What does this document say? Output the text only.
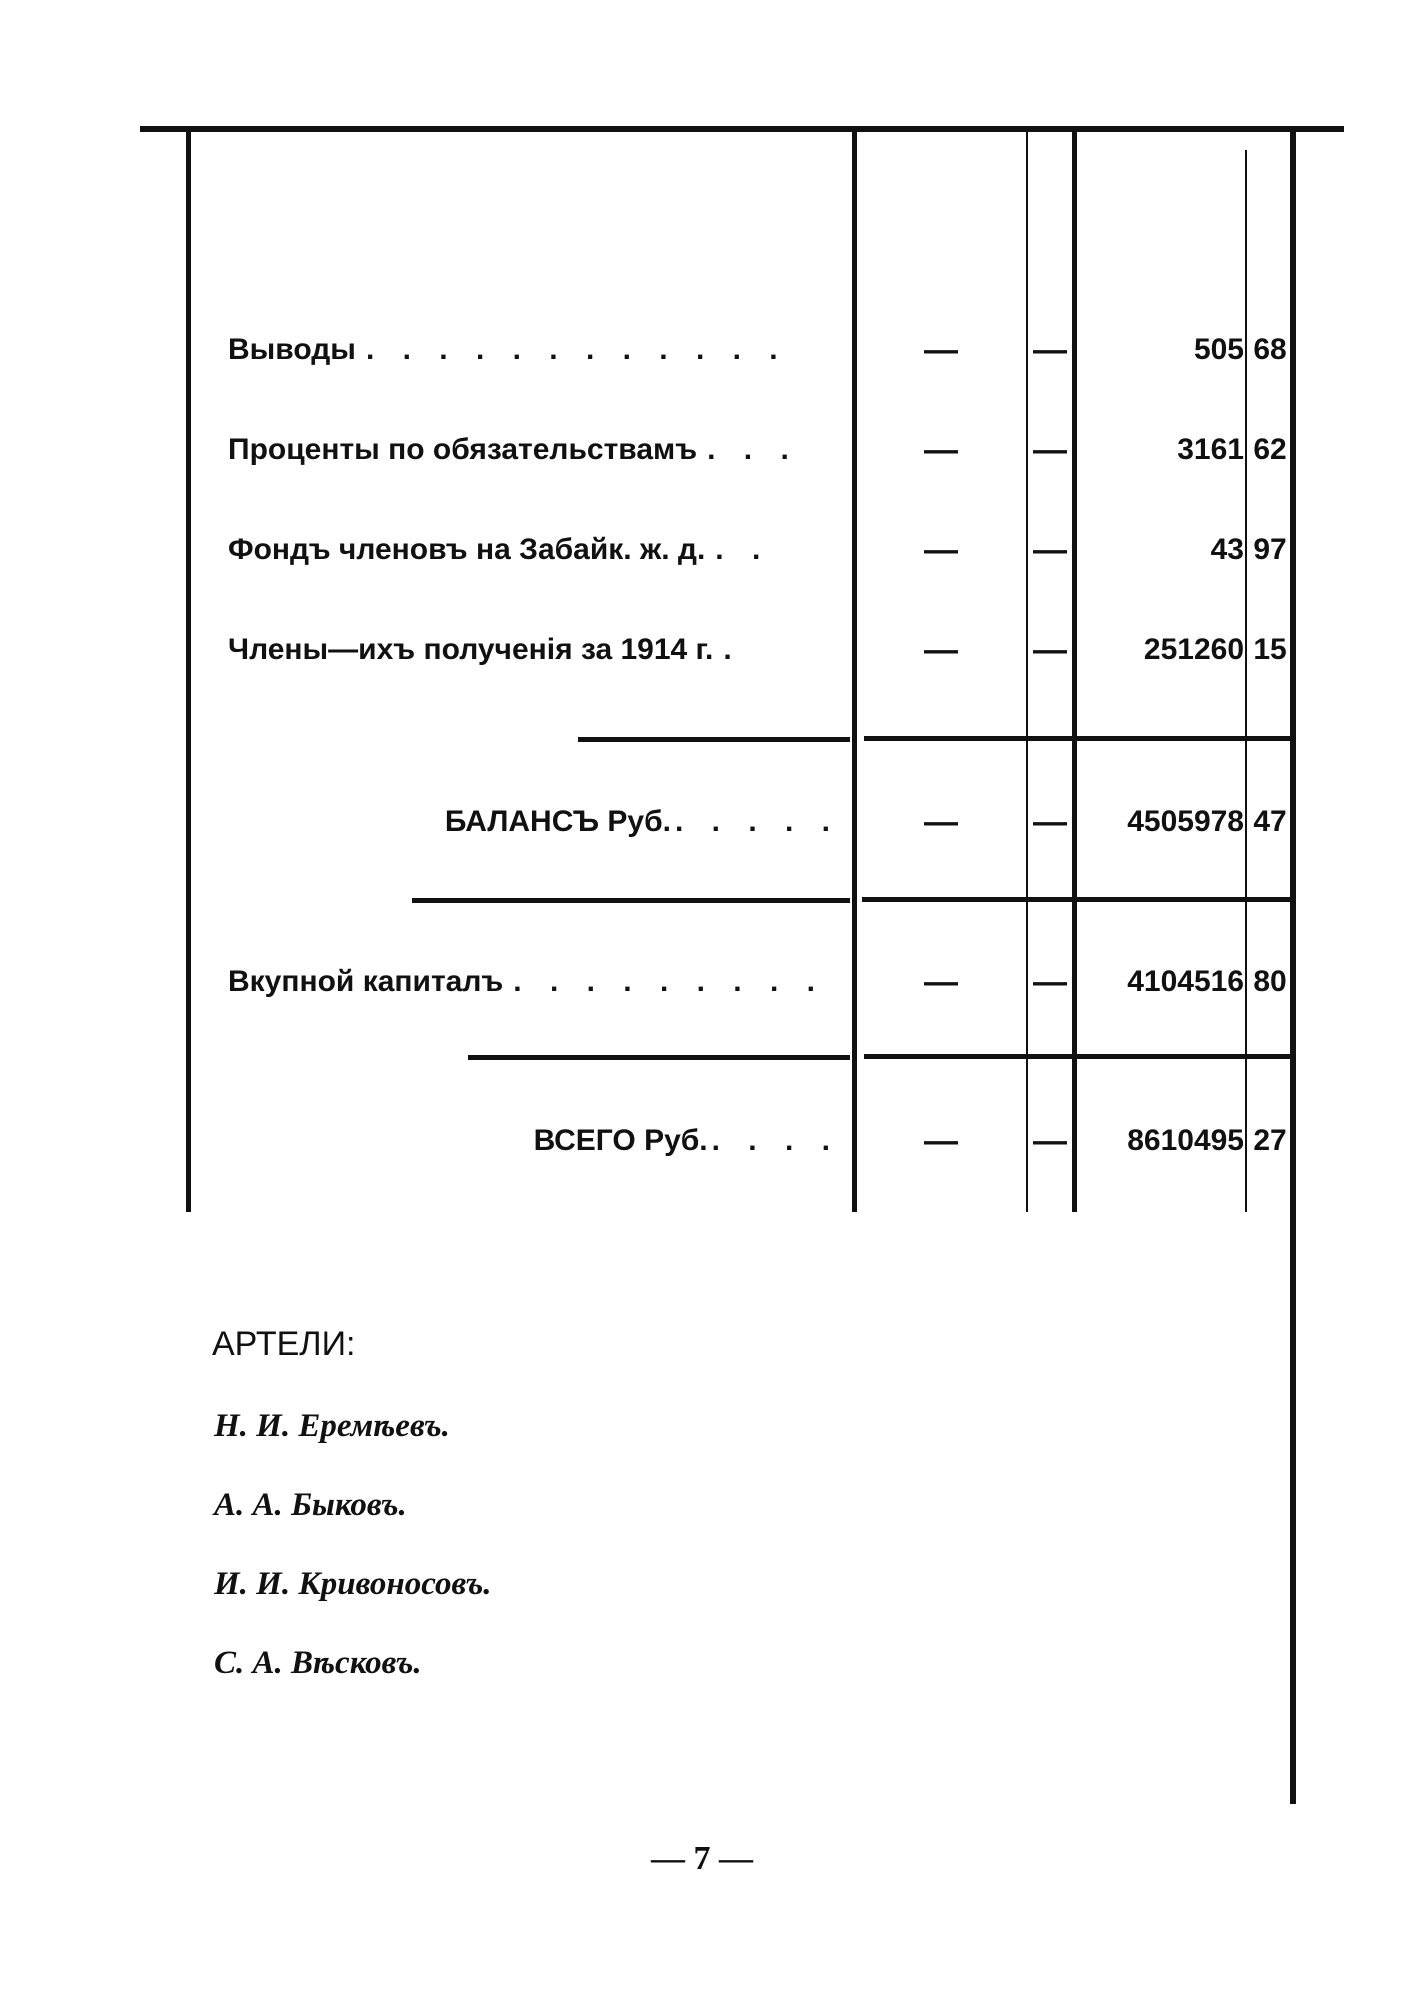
Выводы . . . . . . . . . . . .	—	—	505 68
Проценты по обязательствамъ . . .	—	—	3161 62
Фондъ членовъ на Забайк. ж. д. . .	—	—	43 97
Члены—ихъ полученія за 1914 г. .	—	—	251260 15
БАЛАНСЪ Руб. . . . . .	—	—	4505978 47
Вкупной капиталъ . . . . . . . . .	—	—	4104516 80
ВСЕГО Руб. . . . .	—	—	8610495 27
АРТЕЛИ:
Н. И. Еремѣевъ.
А. А. Быковъ.
И. И. Кривоносовъ.
С. А. Вѣсковъ.
— 7 —
